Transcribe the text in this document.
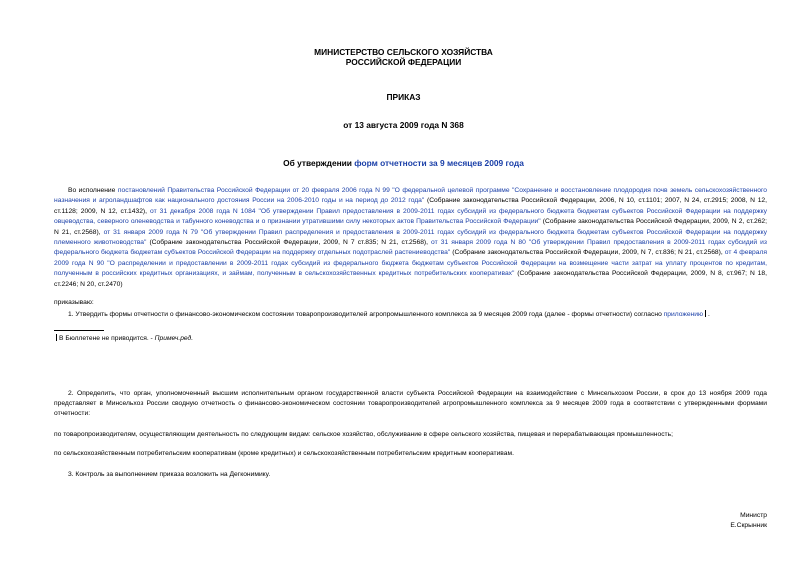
МИНИСТЕРСТВО СЕЛЬСКОГО ХОЗЯЙСТВА
РОССИЙСКОЙ ФЕДЕРАЦИИ
ПРИКАЗ
от 13 августа 2009 года N 368
Об утверждении форм отчетности за 9 месяцев 2009 года
Во исполнение постановлений Правительства Российской Федерации от 20 февраля 2006 года N 99 "О федеральной целевой программе "Сохранение и восстановление плодородия почв земель сельскохозяйственного назначения и агроландшафтов как национального достояния России на 2006-2010 годы и на период до 2012 года" (Собрание законодательства Российской Федерации, 2006, N 10, ст.1101; 2007, N 24, ст.2915; 2008, N 12, ст.1128; 2009, N 12, ст.1432), от 31 декабря 2008 года N 1084 "Об утверждении Правил предоставления в 2009-2011 годах субсидий из федерального бюджета бюджетам субъектов Российской Федерации на поддержку овцеводства, северного оленеводства и табунного коневодства и о признании утратившими силу некоторых актов Правительства Российской Федерации" (Собрание законодательства Российской Федерации, 2009, N 2, ст.262; N 21, ст.2568), от 31 января 2009 года N 79 "Об утверждении Правил распределения и предоставления в 2009-2011 годах субсидий из федерального бюджета бюджетам субъектов Российской Федерации на поддержку племенного животноводства" (Собрание законодательства Российской Федерации, 2009, N 7 ст.835; N 21, ст.2568), от 31 января 2009 года N 80 "Об утверждении Правил предоставления в 2009-2011 годах субсидий из федерального бюджета бюджетам субъектов Российской Федерации на поддержку отдельных подотраслей растениеводства" (Собрание законодательства Российской Федерации, 2009, N 7, ст.836; N 21, ст.2568), от 4 февраля 2009 года N 90 "О распределении и предоставлении в 2009-2011 годах субсидий из федерального бюджета бюджетам субъектов Российской Федерации на возмещение части затрат на уплату процентов по кредитам, полученным в российских кредитных организациях, и займам, полученным в сельскохозяйственных кредитных потребительских кооперативах" (Собрание законодательства Российской Федерации, 2009, N 8, ст.967; N 18, ст.2246; N 20, ст.2470)
приказываю:
1. Утвердить формы отчетности о финансово-экономическом состоянии товаропроизводителей агропромышленного комплекса за 9 месяцев 2009 года (далее - формы отчетности) согласно приложению .
В Бюллетене не приводится. - Примеч.ред.
2. Определить, что орган, уполномоченный высшим исполнительным органом государственной власти субъекта Российской Федерации на взаимодействие с Минсельхозом России, в срок до 13 ноября 2009 года представляет в Минсельхоз России сводную отчетность о финансово-экономическом состоянии товаропроизводителей агропромышленного комплекса за 9 месяцев 2009 года в соответствии с утвержденными формами отчетности:
по товаропроизводителям, осуществляющим деятельность по следующим видам: сельское хозяйство, обслуживание в сфере сельского хозяйства, пищевая и перерабатывающая промышленность;
по сельскохозяйственным потребительским кооперативам (кроме кредитных) и сельскохозяйственным потребительским кредитным кооперативам.
3. Контроль за выполнением приказа возложить на Дегконимику.
Министр
Е.Скрынник
